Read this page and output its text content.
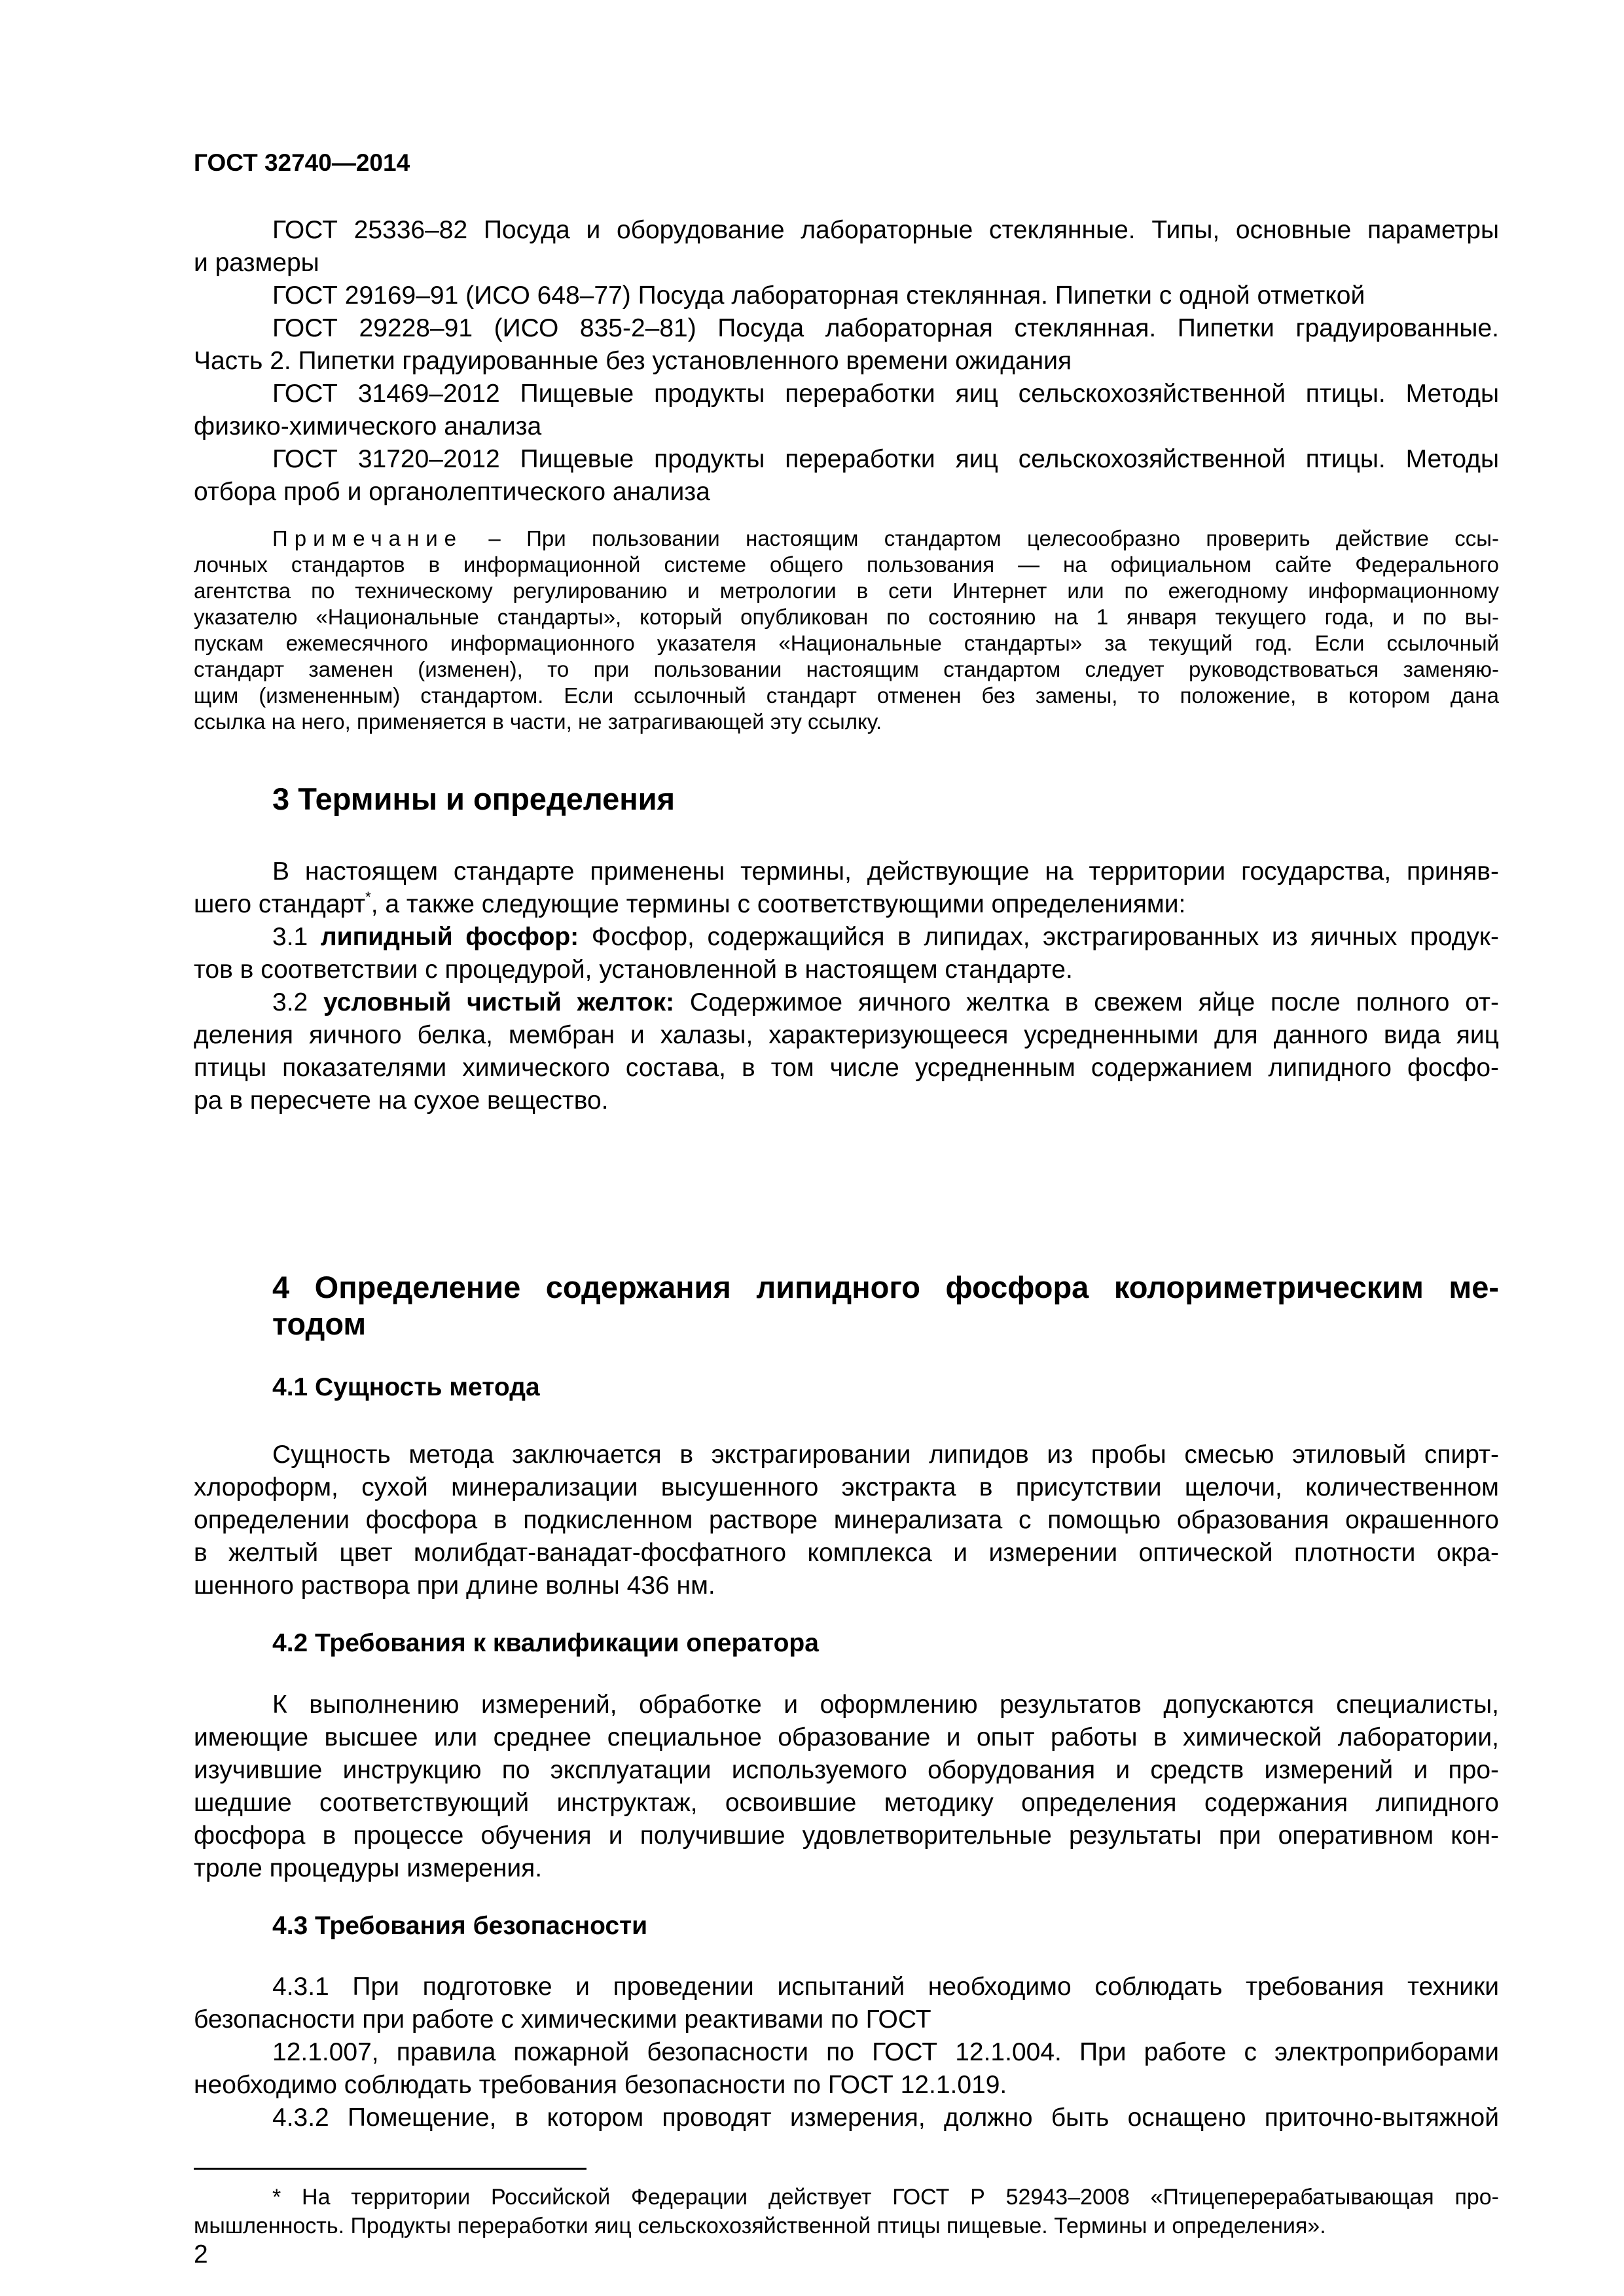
ГОСТ 32740—2014

ГОСТ 25336–82 Посуда и оборудование лабораторные стеклянные. Типы, основные параметры

и размеры

ГОСТ 29169–91 (ИСО 648–77) Посуда лабораторная стеклянная. Пипетки с одной отметкой

ГОСТ 29228–91 (ИСО 835-2–81) Посуда лабораторная стеклянная. Пипетки градуированные.

Часть 2. Пипетки градуированные без установленного времени ожидания

ГОСТ 31469–2012 Пищевые продукты переработки яиц сельскохозяйственной птицы. Методы

физико-химического анализа

ГОСТ 31720–2012 Пищевые продукты переработки яиц сельскохозяйственной птицы. Методы

отбора проб и органолептического анализа

Примечание – При пользовании настоящим стандартом целесообразно проверить действие ссы-

лочных стандартов в информационной системе общего пользования — на официальном сайте Федерального

агентства по техническому регулированию и метрологии в сети Интернет или по ежегодному информационному

указателю «Национальные стандарты», который опубликован по состоянию на 1 января текущего года, и по вы-

пускам ежемесячного информационного указателя «Национальные стандарты» за текущий год. Если ссылочный

стандарт заменен (изменен), то при пользовании настоящим стандартом следует руководствоваться заменяю-

щим (измененным) стандартом. Если ссылочный стандарт отменен без замены, то положение, в котором дана

ссылка на него, применяется в части, не затрагивающей эту ссылку.

3 Термины и определения

В настоящем стандарте применены термины, действующие на территории государства, приняв-

шего стандарт*, а также следующие термины с соответствующими определениями:

3.1 липидный фосфор: Фосфор, содержащийся в липидах, экстрагированных из яичных продук-

тов в соответствии с процедурой, установленной в настоящем стандарте.

3.2 условный чистый желток: Содержимое яичного желтка в свежем яйце после полного от-

деления яичного белка, мембран и халазы, характеризующееся усредненными для данного вида яиц

птицы показателями химического состава, в том числе усредненным содержанием липидного фосфо-

ра в пересчете на сухое вещество.

4 Определение содержания липидного фосфора колориметрическим ме-

тодом

4.1 Сущность метода

Сущность метода заключается в экстрагировании липидов из пробы смесью этиловый спирт-

хлороформ, сухой минерализации высушенного экстракта в присутствии щелочи, количественном

определении фосфора в подкисленном растворе минерализата с помощью образования окрашенного

в желтый цвет молибдат-ванадат-фосфатного комплекса и измерении оптической плотности окра-

шенного раствора при длине волны 436 нм.

4.2 Требования к квалификации оператора

К выполнению измерений, обработке и оформлению результатов допускаются специалисты,

имеющие высшее или среднее специальное образование и опыт работы в химической лаборатории,

изучившие инструкцию по эксплуатации используемого оборудования и средств измерений и про-

шедшие соответствующий инструктаж, освоившие методику определения содержания липидного

фосфора в процессе обучения и получившие удовлетворительные результаты при оперативном кон-

троле процедуры измерения.

4.3 Требования безопасности

4.3.1 При подготовке и проведении испытаний необходимо соблюдать требования техники

безопасности при работе с химическими реактивами по ГОСТ

12.1.007, правила пожарной безопасности по ГОСТ 12.1.004. При работе с электроприборами

необходимо соблюдать требования безопасности по ГОСТ 12.1.019.

4.3.2 Помещение, в котором проводят измерения, должно быть оснащено приточно-вытяжной

* На территории Российской Федерации действует ГОСТ Р 52943–2008 «Птицеперерабатывающая про-

мышленность. Продукты переработки яиц сельскохозяйственной птицы пищевые. Термины и определения».

2
